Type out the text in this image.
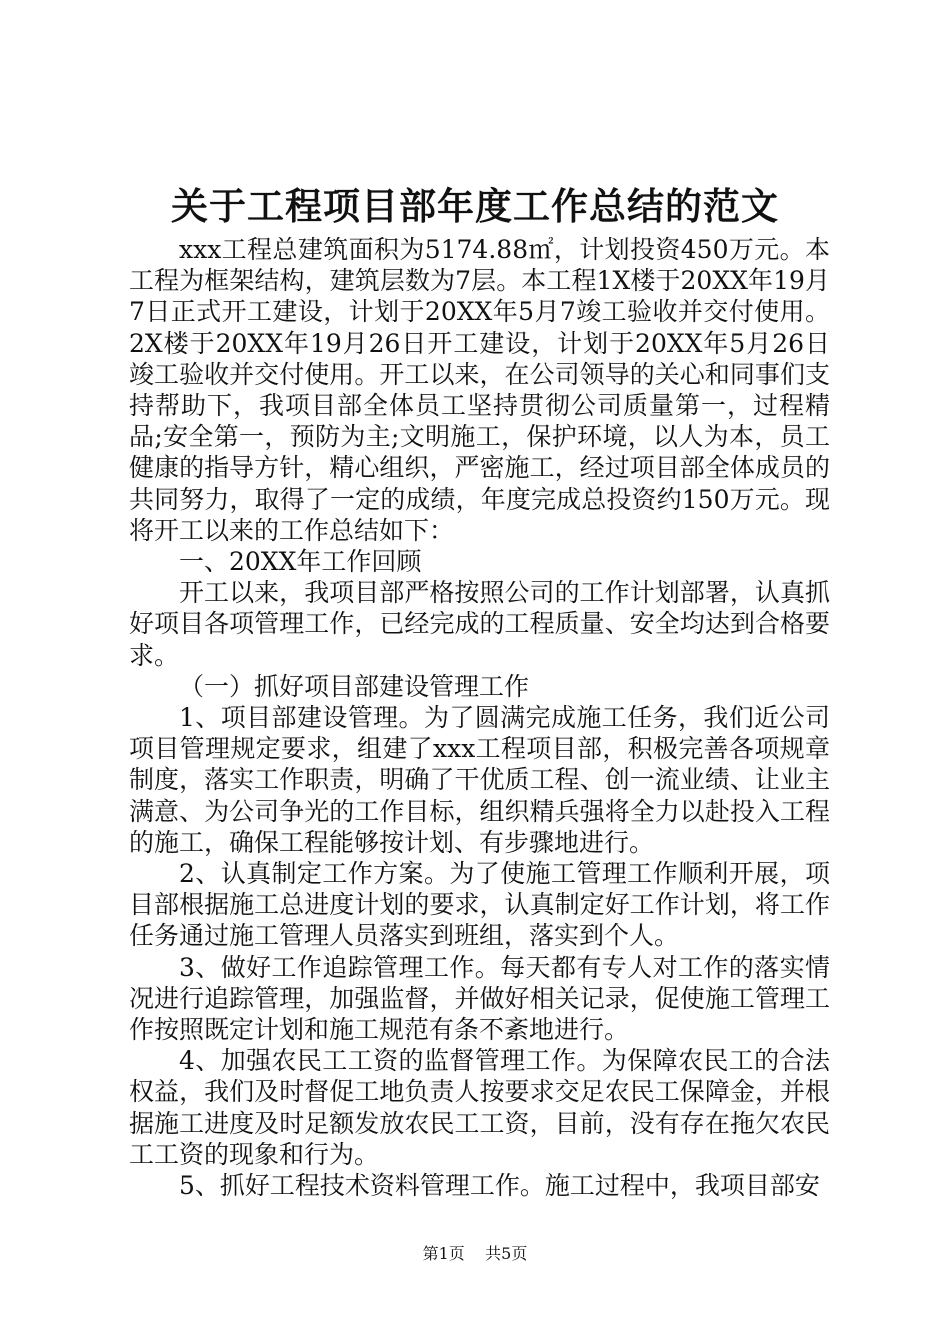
关于工程项目部年度工作总结的范文

xxx工程总建筑面积为5174.88㎡，计划投资450万元。本工程为框架结构，建筑层数为7层。本工程1X楼于20XX年19月7日正式开工建设，计划于20XX年5月7竣工验收并交付使用。2X楼于20XX年19月26日开工建设，计划于20XX年5月26日竣工验收并交付使用。开工以来，在公司领导的关心和同事们支持帮助下，我项目部全体员工坚持贯彻公司质量第一，过程精品;安全第一，预防为主;文明施工，保护环境，以人为本，员工健康的指导方针，精心组织，严密施工，经过项目部全体成员的共同努力，取得了一定的成绩，年度完成总投资约150万元。现将开工以来的工作总结如下：

一、20XX年工作回顾

开工以来，我项目部严格按照公司的工作计划部署，认真抓好项目各项管理工作，已经完成的工程质量、安全均达到合格要求。

（一）抓好项目部建设管理工作

1、项目部建设管理。为了圆满完成施工任务，我们近公司项目管理规定要求，组建了xxx工程项目部，积极完善各项规章制度，落实工作职责，明确了干优质工程、创一流业绩、让业主满意、为公司争光的工作目标，组织精兵强将全力以赴投入工程的施工，确保工程能够按计划、有步骤地进行。

2、认真制定工作方案。为了使施工管理工作顺利开展，项目部根据施工总进度计划的要求，认真制定好工作计划，将工作任务通过施工管理人员落实到班组，落实到个人。

3、做好工作追踪管理工作。每天都有专人对工作的落实情况进行追踪管理，加强监督，并做好相关记录，促使施工管理工作按照既定计划和施工规范有条不紊地进行。

4、加强农民工工资的监督管理工作。为保障农民工的合法权益，我们及时督促工地负责人按要求交足农民工保障金，并根据施工进度及时足额发放农民工工资，目前，没有存在拖欠农民工工资的现象和行为。

5、抓好工程技术资料管理工作。施工过程中，我项目部安

第1页 共5页
